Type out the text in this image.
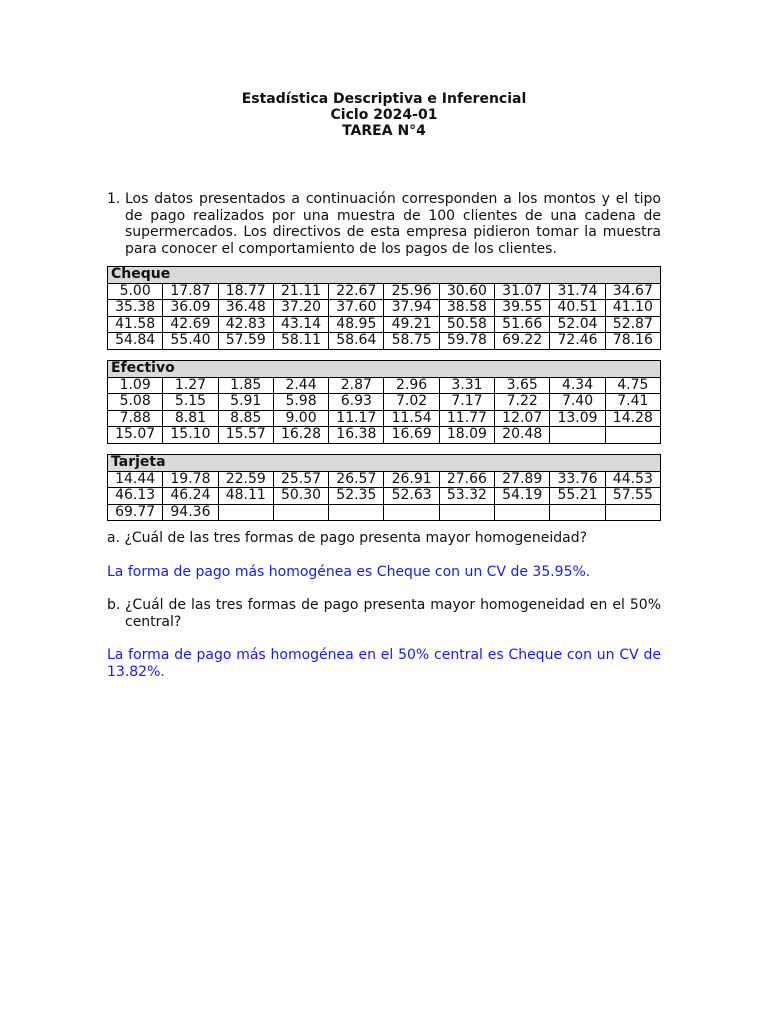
Estadística Descriptiva e Inferencial
Ciclo 2024-01
TAREA N°4
1. Los datos presentados a continuación corresponden a los montos y el tipo de pago realizados por una muestra de 100 clientes de una cadena de supermercados. Los directivos de esta empresa pidieron tomar la muestra para conocer el comportamiento de los pagos de los clientes.
Cheque									
5.00	17.87	18.77	21.11	22.67	25.96	30.60	31.07	31.74	34.67
35.38	36.09	36.48	37.20	37.60	37.94	38.58	39.55	40.51	41.10
41.58	42.69	42.83	43.14	48.95	49.21	50.58	51.66	52.04	52.87
54.84	55.40	57.59	58.11	58.64	58.75	59.78	69.22	72.46	78.16
Efectivo									
1.09	1.27	1.85	2.44	2.87	2.96	3.31	3.65	4.34	4.75
5.08	5.15	5.91	5.98	6.93	7.02	7.17	7.22	7.40	7.41
7.88	8.81	8.85	9.00	11.17	11.54	11.77	12.07	13.09	14.28
15.07	15.10	15.57	16.28	16.38	16.69	18.09	20.48		
Tarjeta									
14.44	19.78	22.59	25.57	26.57	26.91	27.66	27.89	33.76	44.53
46.13	46.24	48.11	50.30	52.35	52.63	53.32	54.19	55.21	57.55
69.77	94.36								

a. ¿Cuál de las tres formas de pago presenta mayor homogeneidad?

La forma de pago más homogénea es Cheque con un CV de 35.95%.

b. ¿Cuál de las tres formas de pago presenta mayor homogeneidad en el 50% central?

La forma de pago más homogénea en el 50% central es Cheque con un CV de 13.82%.
